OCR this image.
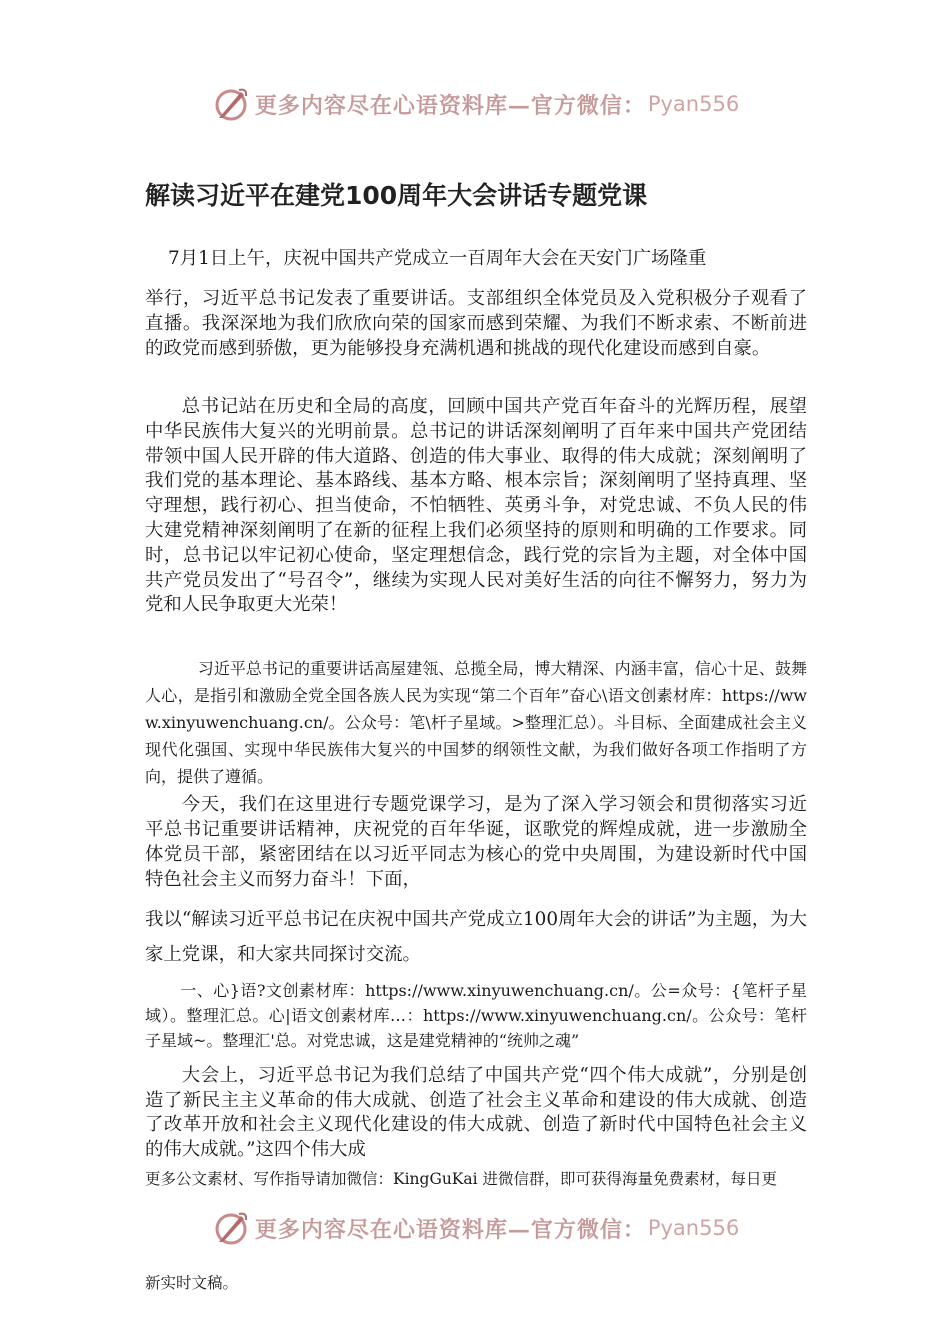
更多内容尽在心语资料库—官方微信： Pyan556
解读习近平在建党100周年大会讲话专题党课
7月1日上午，庆祝中国共产党成立一百周年大会在天安门广场隆重

举行，习近平总书记发表了重要讲话。支部组织全体党员及入党积极分子观看了直播。我深深地为我们欣欣向荣的国家而感到荣耀、为我们不断求索、不断前进的政党而感到骄傲，更为能够投身充满机遇和挑战的现代化建设而感到自豪。

总书记站在历史和全局的高度，回顾中国共产党百年奋斗的光辉历程，展望中华民族伟大复兴的光明前景。总书记的讲话深刻阐明了百年来中国共产党团结带领中国人民开辟的伟大道路、创造的伟大事业、取得的伟大成就；深刻阐明了我们党的基本理论、基本路线、基本方略、根本宗旨；深刻阐明了坚持真理、坚守理想，践行初心、担当使命，不怕牺牲、英勇斗争，对党忠诚、不负人民的伟大建党精神深刻阐明了在新的征程上我们必须坚持的原则和明确的工作要求。同时，总书记以牢记初心使命，坚定理想信念，践行党的宗旨为主题，对全体中国共产党员发出了“号召令”，继续为实现人民对美好生活的向往不懈努力，努力为党和人民争取更大光荣！

习近平总书记的重要讲话高屋建瓴、总揽全局，博大精深、内涵丰富，信心十足、鼓舞人心，是指引和激励全党全国各族人民为实现“第二个百年”奋心\语文创素材库：https://www.xinyuwenchuang.cn/。公众号：笔\杆子星域。>整理汇总）。斗目标、全面建成社会主义现代化强国、实现中华民族伟大复兴的中国梦的纲领性文献，为我们做好各项工作指明了方向，提供了遵循。

今天，我们在这里进行专题党课学习，是为了深入学习领会和贯彻落实习近平总书记重要讲话精神，庆祝党的百年华诞，讴歌党的辉煌成就，进一步激励全体党员干部，紧密团结在以习近平同志为核心的党中央周围，为建设新时代中国特色社会主义而努力奋斗！下面，

我以“解读习近平总书记在庆祝中国共产党成立100周年大会的讲话”为主题，为大家上党课，和大家共同探讨交流。

一、心}语?文创素材库：https://www.xinyuwenchuang.cn/。公=众号：{笔杆子星域）。整理汇总。心|语文创素材库…：https://www.xinyuwenchuang.cn/。公众号：笔杆子星域~。整理汇'总。对党忠诚，这是建党精神的“统帅之魂”

大会上，习近平总书记为我们总结了中国共产党“四个伟大成就”，分别是创造了新民主主义革命的伟大成就、创造了社会主义革命和建设的伟大成就、创造了改革开放和社会主义现代化建设的伟大成就、创造了新时代中国特色社会主义的伟大成就。”这四个伟大成

更多公文素材、写作指导请加微信：KingGuKai 进微信群，即可获得海量免费素材，每日更
更多内容尽在心语资料库—官方微信： Pyan556
新实时文稿。
